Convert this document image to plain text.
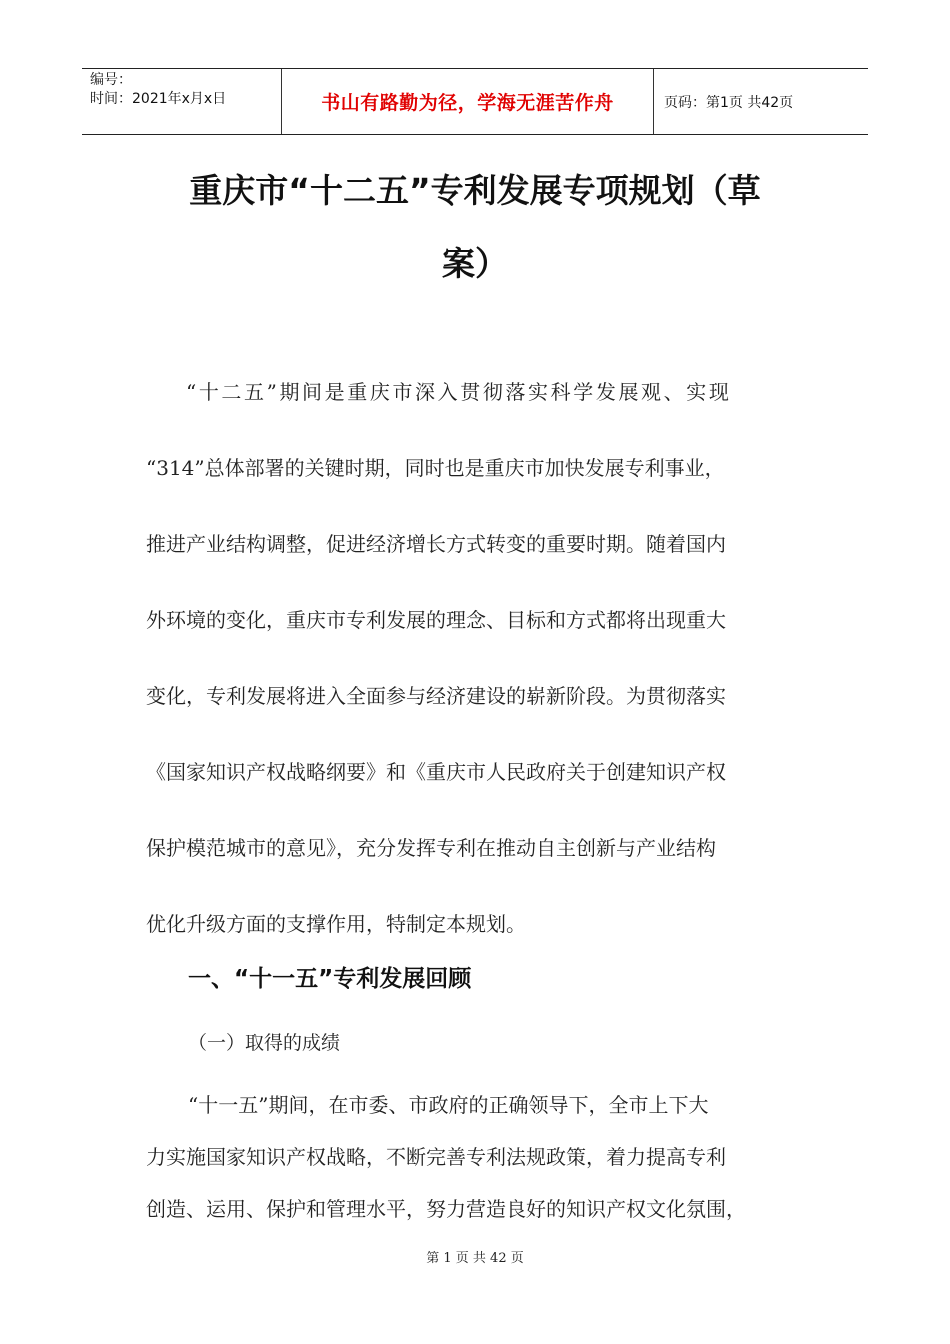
编号：
时间：2021年x月x日	书山有路勤为径，学海无涯苦作舟	页码：第1页 共42页
重庆市“十二五”专利发展专项规划（草
案）
“十二五”期间是重庆市深入贯彻落实科学发展观、实现
“314”总体部署的关键时期，同时也是重庆市加快发展专利事业，
推进产业结构调整，促进经济增长方式转变的重要时期。随着国内
外环境的变化，重庆市专利发展的理念、目标和方式都将出现重大
变化，专利发展将进入全面参与经济建设的崭新阶段。为贯彻落实
《国家知识产权战略纲要》和《重庆市人民政府关于创建知识产权
保护模范城市的意见》，充分发挥专利在推动自主创新与产业结构
优化升级方面的支撑作用，特制定本规划。
一、“十一五”专利发展回顾
（一）取得的成绩
“十一五”期间，在市委、市政府的正确领导下，全市上下大
力实施国家知识产权战略，不断完善专利法规政策，着力提高专利
创造、运用、保护和管理水平，努力营造良好的知识产权文化氛围，
第 1 页 共 42 页
